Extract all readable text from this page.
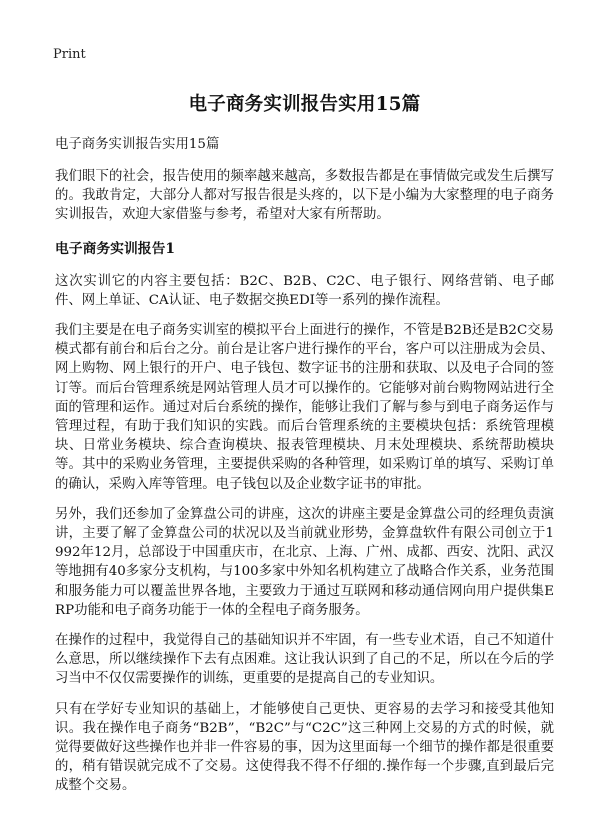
Print
电子商务实训报告实用15篇
电子商务实训报告实用15篇

我们眼下的社会，报告使用的频率越来越高，多数报告都是在事情做完或发生后撰写的。我敢肯定，大部分人都对写报告很是头疼的，以下是小编为大家整理的电子商务实训报告，欢迎大家借鉴与参考，希望对大家有所帮助。

电子商务实训报告1

这次实训它的内容主要包括：B2C、B2B、C2C、电子银行、网络营销、电子邮件、网上单证、CA认证、电子数据交换EDI等一系列的操作流程。

我们主要是在电子商务实训室的模拟平台上面进行的操作，不管是B2B还是B2C交易模式都有前台和后台之分。前台是让客户进行操作的平台，客户可以注册成为会员、网上购物、网上银行的开户、电子钱包、数字证书的注册和获取、以及电子合同的签订等。而后台管理系统是网站管理人员才可以操作的。它能够对前台购物网站进行全面的管理和运作。通过对后台系统的操作，能够让我们了解与参与到电子商务运作与管理过程，有助于我们知识的实践。而后台管理系统的主要模块包括：系统管理模块、日常业务模块、综合查询模块、报表管理模块、月末处理模块、系统帮助模块等。其中的采购业务管理，主要提供采购的各种管理，如采购订单的填写、采购订单的确认，采购入库等管理。电子钱包以及企业数字证书的审批。

另外，我们还参加了金算盘公司的讲座，这次的讲座主要是金算盘公司的经理负责演讲，主要了解了金算盘公司的状况以及当前就业形势，金算盘软件有限公司创立于1992年12月，总部设于中国重庆市，在北京、上海、广州、成都、西安、沈阳、武汉等地拥有40多家分支机构，与100多家中外知名机构建立了战略合作关系，业务范围和服务能力可以覆盖世界各地，主要致力于通过互联网和移动通信网向用户提供集ERP功能和电子商务功能于一体的全程电子商务服务。

在操作的过程中，我觉得自己的基础知识并不牢固，有一些专业术语，自己不知道什么意思，所以继续操作下去有点困难。这让我认识到了自己的不足，所以在今后的学习当中不仅仅需要操作的训练，更重要的是提高自己的专业知识。

只有在学好专业知识的基础上，才能够使自己更快、更容易的去学习和接受其他知识。我在操作电子商务“B2B”，“B2C”与“C2C”这三种网上交易的方式的时候，就觉得要做好这些操作也并非一件容易的事，因为这里面每一个细节的操作都是很重要的，稍有错误就完成不了交易。这使得我不得不仔细的.操作每一个步骤,直到最后完成整个交易。
